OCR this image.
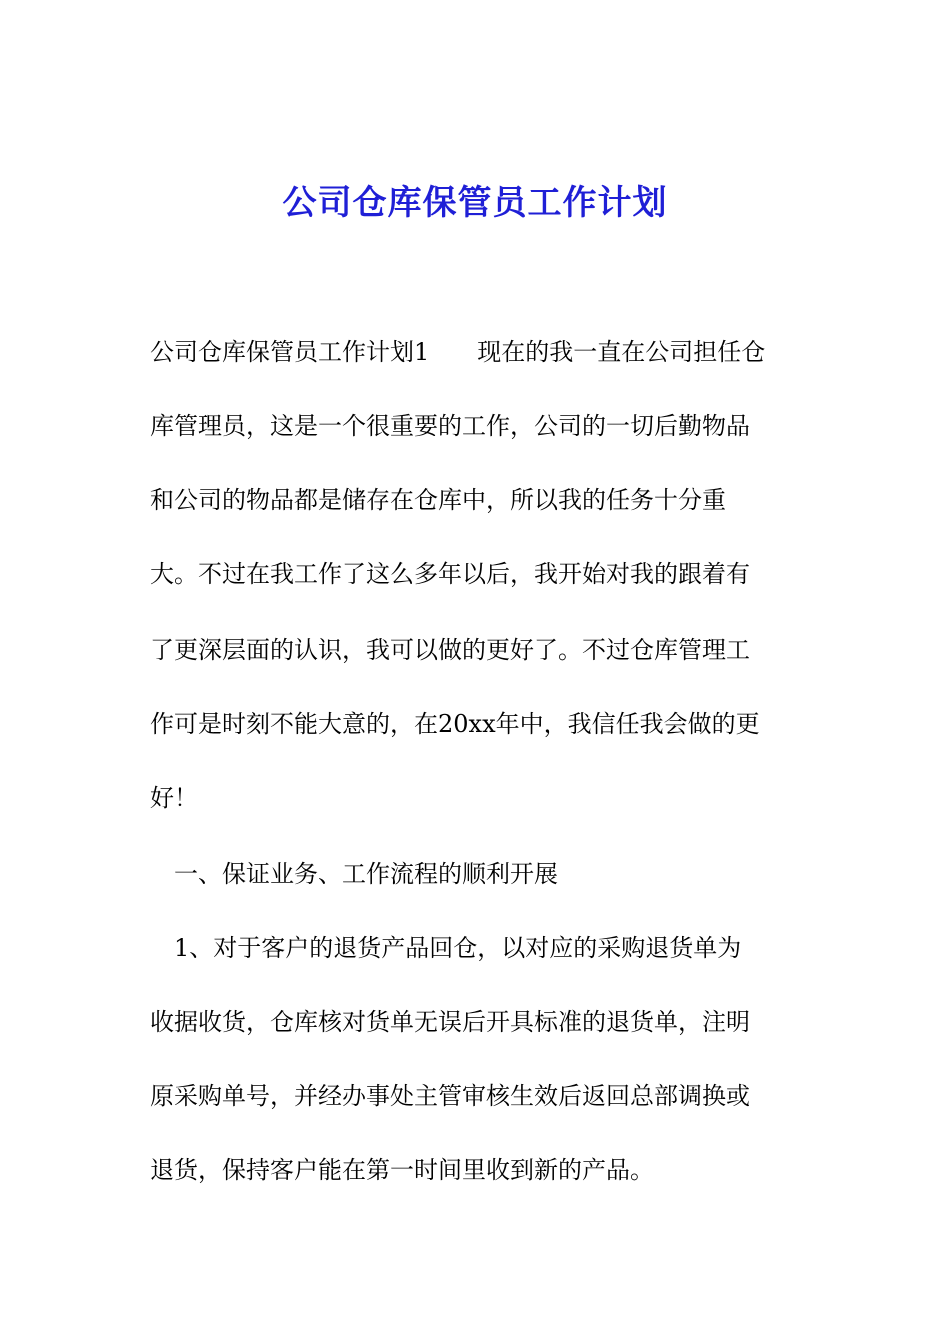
公司仓库保管员工作计划
公司仓库保管员工作计划1　　现在的我一直在公司担任仓
库管理员，这是一个很重要的工作，公司的一切后勤物品
和公司的物品都是储存在仓库中，所以我的任务十分重
大。不过在我工作了这么多年以后，我开始对我的跟着有
了更深层面的认识，我可以做的更好了。不过仓库管理工
作可是时刻不能大意的，在20xx年中，我信任我会做的更
好！
　一、保证业务、工作流程的顺利开展
　1、对于客户的退货产品回仓，以对应的采购退货单为
收据收货，仓库核对货单无误后开具标准的退货单，注明
原采购单号，并经办事处主管审核生效后返回总部调换或
退货，保持客户能在第一时间里收到新的产品。
